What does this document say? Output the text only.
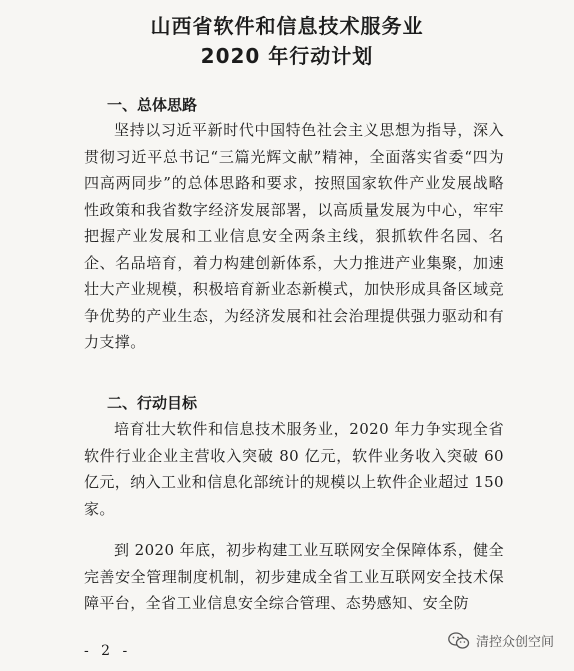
山西省软件和信息技术服务业
2020 年行动计划
一、总体思路

坚持以习近平新时代中国特色社会主义思想为指导，深入贯彻习近平总书记“三篇光辉文献”精神，全面落实省委“四为四高两同步”的总体思路和要求，按照国家软件产业发展战略性政策和我省数字经济发展部署，以高质量发展为中心，牢牢把握产业发展和工业信息安全两条主线，狠抓软件名园、名企、名品培育，着力构建创新体系，大力推进产业集聚，加速壮大产业规模，积极培育新业态新模式，加快形成具备区域竞争优势的产业生态，为经济发展和社会治理提供强力驱动和有力支撑。

二、行动目标

培育壮大软件和信息技术服务业，2020 年力争实现全省软件行业企业主营收入突破 80 亿元，软件业务收入突破 60 亿元，纳入工业和信息化部统计的规模以上软件企业超过 150 家。

到 2020 年底，初步构建工业互联网安全保障体系，健全完善安全管理制度机制，初步建成全省工业互联网安全技术保障平台，全省工业信息安全综合管理、态势感知、安全防

- 2 -
清控众创空间
